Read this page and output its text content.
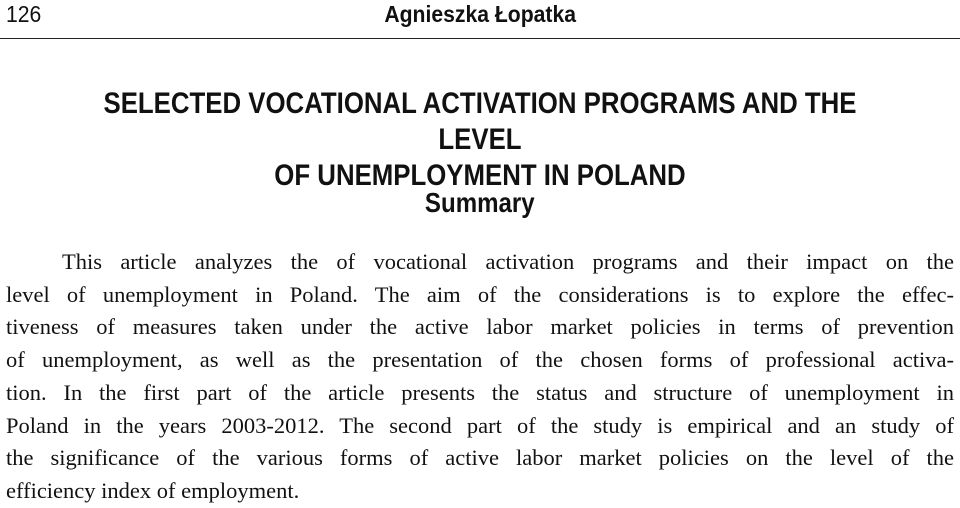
126	Agnieszka Łopatka
SELECTED VOCATIONAL ACTIVATION PROGRAMS AND THE LEVEL
OF UNEMPLOYMENT IN POLAND
Summary
This article analyzes the of vocational activation programs and their impact on the
level of unemployment in Poland. The aim of the considerations is to explore the effec-
tiveness of measures taken under the active labor market policies in terms of prevention
of unemployment, as well as the presentation of the chosen forms of professional activa-
tion. In the first part of the article presents the status and structure of unemployment in
Poland in the years 2003-2012. The second part of the study is empirical and an study of
the significance of the various forms of active labor market policies on the level of the
efficiency index of employment.
